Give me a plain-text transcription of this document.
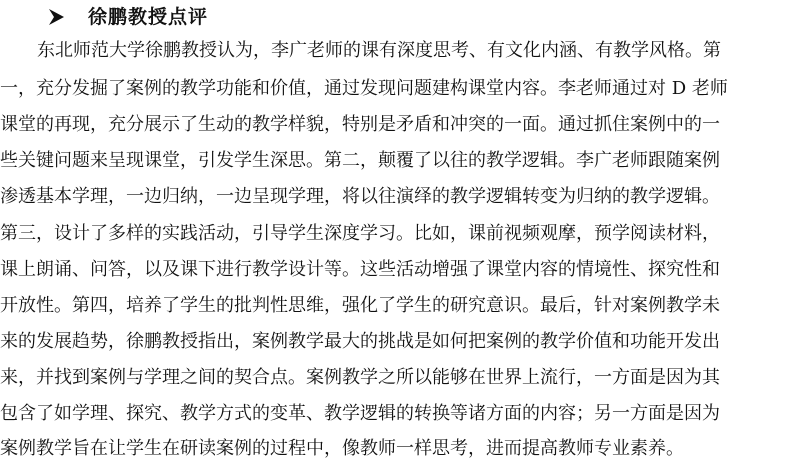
徐鹏教授点评
东北师范大学徐鹏教授认为，李广老师的课有深度思考、有文化内涵、有教学风格。第
一，充分发掘了案例的教学功能和价值，通过发现问题建构课堂内容。李老师通过对 D 老师
课堂的再现，充分展示了生动的教学样貌，特别是矛盾和冲突的一面。通过抓住案例中的一
些关键问题来呈现课堂，引发学生深思。第二，颠覆了以往的教学逻辑。李广老师跟随案例
渗透基本学理，一边归纳，一边呈现学理，将以往演绎的教学逻辑转变为归纳的教学逻辑。
第三，设计了多样的实践活动，引导学生深度学习。比如，课前视频观摩，预学阅读材料，
课上朗诵、问答，以及课下进行教学设计等。这些活动增强了课堂内容的情境性、探究性和
开放性。第四，培养了学生的批判性思维，强化了学生的研究意识。最后，针对案例教学未
来的发展趋势，徐鹏教授指出，案例教学最大的挑战是如何把案例的教学价值和功能开发出
来，并找到案例与学理之间的契合点。案例教学之所以能够在世界上流行，一方面是因为其
包含了如学理、探究、教学方式的变革、教学逻辑的转换等诸方面的内容；另一方面是因为
案例教学旨在让学生在研读案例的过程中，像教师一样思考，进而提高教师专业素养。
